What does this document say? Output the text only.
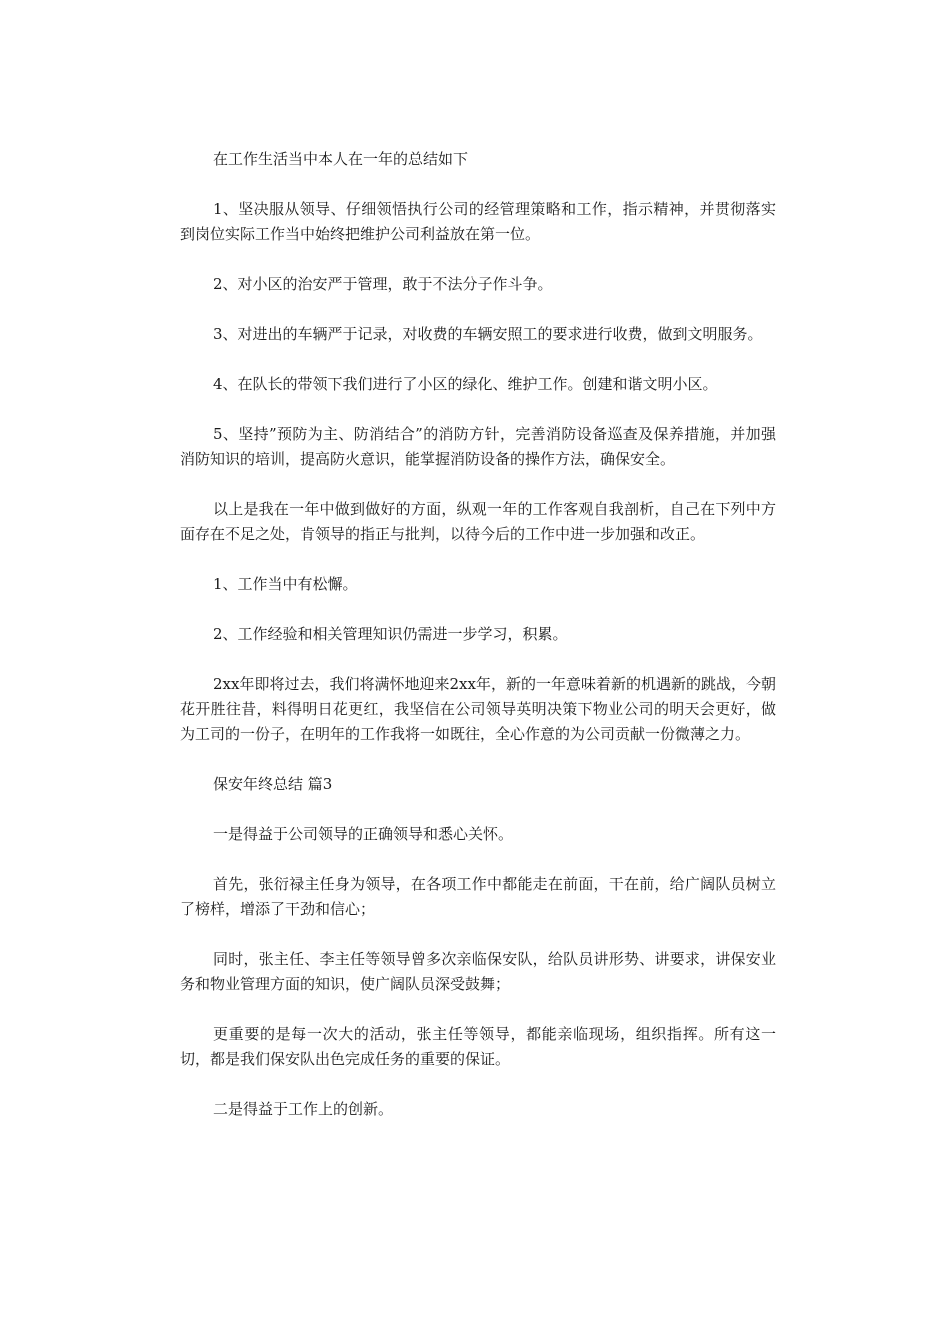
在工作生活当中本人在一年的总结如下

1、坚决服从领导、仔细领悟执行公司的经管理策略和工作，指示精神，并贯彻落实到岗位实际工作当中始终把维护公司利益放在第一位。

2、对小区的治安严于管理，敢于不法分子作斗争。

3、对进出的车辆严于记录，对收费的车辆安照工的要求进行收费，做到文明服务。

4、在队长的带领下我们进行了小区的绿化、维护工作。创建和谐文明小区。

5、坚持”预防为主、防消结合”的消防方针，完善消防设备巡查及保养措施，并加强消防知识的培训，提高防火意识，能掌握消防设备的操作方法，确保安全。

以上是我在一年中做到做好的方面，纵观一年的工作客观自我剖析，自己在下列中方面存在不足之处，肯领导的指正与批判，以待今后的工作中进一步加强和改正。

1、工作当中有松懈。

2、工作经验和相关管理知识仍需进一步学习，积累。

2xx年即将过去，我们将满怀地迎来2xx年，新的一年意味着新的机遇新的跳战，今朝花开胜往昔，料得明日花更红，我坚信在公司领导英明决策下物业公司的明天会更好，做为工司的一份子，在明年的工作我将一如既往，全心作意的为公司贡献一份微薄之力。

保安年终总结 篇3

一是得益于公司领导的正确领导和悉心关怀。

首先，张衍禄主任身为领导，在各项工作中都能走在前面，干在前，给广阔队员树立了榜样，增添了干劲和信心；

同时，张主任、李主任等领导曾多次亲临保安队，给队员讲形势、讲要求，讲保安业务和物业管理方面的知识，使广阔队员深受鼓舞；

更重要的是每一次大的活动，张主任等领导，都能亲临现场，组织指挥。所有这一切，都是我们保安队出色完成任务的重要的保证。

二是得益于工作上的创新。
